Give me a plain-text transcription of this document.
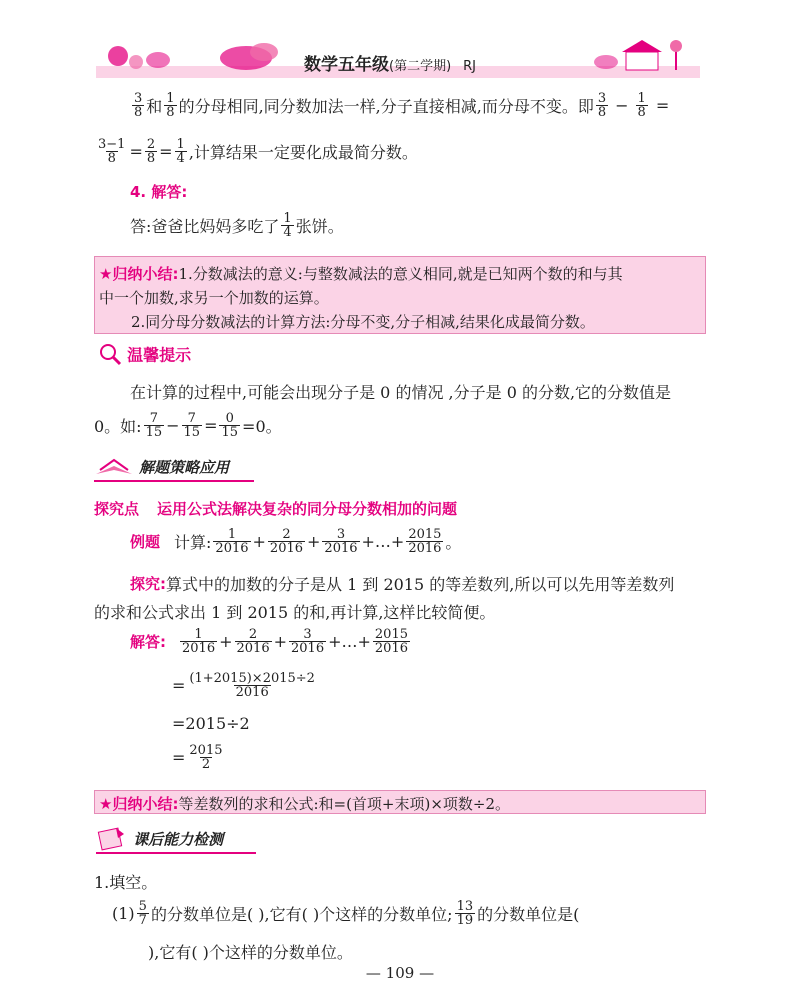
数学五年级(第二学期) RJ
$\frac{3}{8}$ 和 $\frac{1}{8}$ 的分母相同,同分数加法一样,分子直接相减,而分母不变。即 $\frac{3}{8} - \frac{1}{8}$ =
$\frac{3-1}{8} = \frac{2}{8} = \frac{1}{4}$ ,计算结果一定要化成最简分数。
4. 解答:
答:爸爸比妈妈多吃了 $\frac{1}{4}$ 张饼。
★归纳小结:1.分数减法的意义:与整数减法的意义相同,就是已知两个数的和与其
中一个加数,求另一个加数的运算。
2.同分母分数减法的计算方法:分母不变,分子相减,结果化成最简分数。
温馨提示
在计算的过程中,可能会出现分子是 0 的情况 ,分子是 0 的分数,它的分数值是
0。如: $\frac{7}{15} - \frac{7}{15} = \frac{0}{15} =0$。
解题策略应用
探究点 运用公式法解决复杂的同分母分数相加的问题
例题 计算: $\frac{1}{2016} + \frac{2}{2016} + \frac{3}{2016}$ +…+ $\frac{2015}{2016}$ 。
探究: 算式中的加数的分子是从 1 到 2015 的等差数列,所以可以先用等差数列
的求和公式求出 1 到 2015 的和,再计算,这样比较简便。
解答: $\frac{1}{2016} + \frac{2}{2016} + \frac{3}{2016}$ +…+ $\frac{2015}{2016}$
= $\frac{(1+2015)\times 2015\div 2}{2016}$
=2015÷2
= $\frac{2015}{2}$
★归纳小结:等差数列的求和公式:和=(首项+末项)×项数÷2。
课后能力检测
1.填空。
$(1) \frac{5}{7}$ 的分数单位是( ),它有( )个这样的分数单位; $\frac{13}{19}$ 的分数单位是(
),它有( )个这样的分数单位。
— 109 —
